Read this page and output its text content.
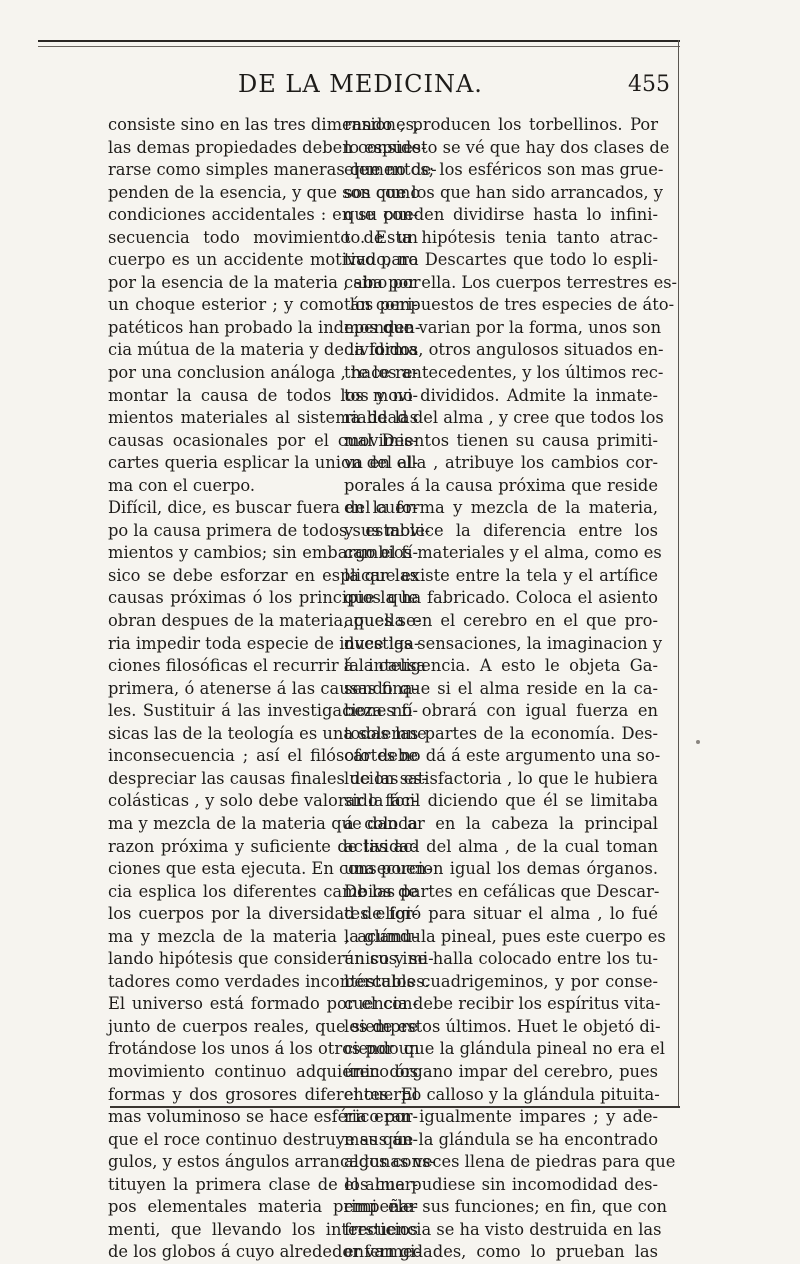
DE LA MEDICINA.	455
consiste sino en las tres dimensiones,
las demas propiedades deben conside-
rarse como simples maneras que no de-
penden de la esencia, y que son como
condiciones accidentales : en su con-
secuencia todo movimiento de un
cuerpo es un accidente motivado, no
por la esencia de la materia , sino por
un choque esterior ; y como los peri-
patéticos han probado la independen-
cia mútua de la materia y de la forma
por una conclusion análoga , hace re-
montar la causa de todos los movi-
mientos materiales al sistema de las
causas ocasionales por el cual Des-
cartes queria esplicar la union del al-
ma con el cuerpo.
Difícil, dice, es buscar fuera del cuer-
po la causa primera de todos sus movi-
mientos y cambios; sin embargo el fí-
sico se debe esforzar en esplicar las
causas próximas ó los principios que
obran despues de la materia, pues se-
ria impedir toda especie de investiga-
ciones filosóficas el recurrir á la causa
primera, ó atenerse á las causas fina-
les. Sustituir á las investigaciones fí-
sicas las de la teología es una solemne
inconsecuencia ; así el filósofo debe
despreciar las causas finales de las es-
colásticas , y solo debe valorar la for-
ma y mezcla de la materia que dan la
razon próxima y suficiente de las ac-
ciones que esta ejecuta. En consecuen-
cia esplica los diferentes cambios de
los cuerpos por la diversidad de for-
ma y mezcla de la materia , acumu-
lando hipótesis que consideran sus imi-
tadores como verdades incontestables.
El universo está formado por el con-
junto de cuerpos reales, que siempre
frotándose los unos á los otros por un
movimiento continuo adquieren dos
formas y dos grosores diferentes. El
mas voluminoso se hace esférico por-
que el roce continuo destruye sus án-
gulos, y estos ángulos arrancados cons-
tituyen la primera clase de los cuer-
pos elementales materia primi ele-
menti, que llevando los intersticios
de los globos á cuyo alrededor van gi-
rando , producen los torbellinos. Por
lo espuesto se vé que hay dos clases de
elementos; los esféricos son mas grue-
sos que los que han sido arrancados, y
que pueden dividirse hasta lo infini-
to. Esta hipótesis tenia tanto atrac-
tivo para Descartes que todo lo espli-
caba por ella. Los cuerpos terrestres es-
tán compuestos de tres especies de áto-
mos que varian por la forma, unos son
divididos, otros angulosos situados en-
tre los antecedentes, y los últimos rec-
tos y no divididos. Admite la inmate-
rialidad del alma , y cree que todos los
movimientos tienen su causa primiti-
va en ella , atribuye los cambios cor-
porales á la causa próxima que reside
en la forma y mezcla de la materia,
y establece la diferencia entre los
cambios materiales y el alma, como es
la que existe entre la tela y el artífice
que la ha fabricado. Coloca el asiento
aquella en el cerebro en el que pro-
duce las sensaciones, la imaginacion y
la inteligencia. A esto le objeta Ga-
sendo que si el alma reside en la ca-
beza no obrará con igual fuerza en
todas las partes de la economía. Des-
cartes no dá á este argumento una so-
lucion satisfactoria , lo que le hubiera
sido fácil diciendo que él se limitaba
á colocar en la cabeza la principal
actividad del alma , de la cual toman
una porcion igual los demas órganos.
De las partes en cefálicas que Descar-
tes eligió para situar el alma , lo fué
la glándula pineal, pues este cuerpo es
único y se halla colocado entre los tu-
bérculos cuadrigeminos, y por conse-
cuencia debe recibir los espíritus vita-
les de estos últimos. Huet le objetó di-
ciendo que la glándula pineal no era el
único órgano impar del cerebro, pues
el cuerpo calloso y la glándula pituita-
ria eran igualmente impares ; y ade-
mas que la glándula se ha encontrado
algunas veces llena de piedras para que
el alma pudiese sin incomodidad des-
empeñar sus funciones; en fin, que con
frecuencia se ha visto destruida en las
enfermedades, como lo prueban las
